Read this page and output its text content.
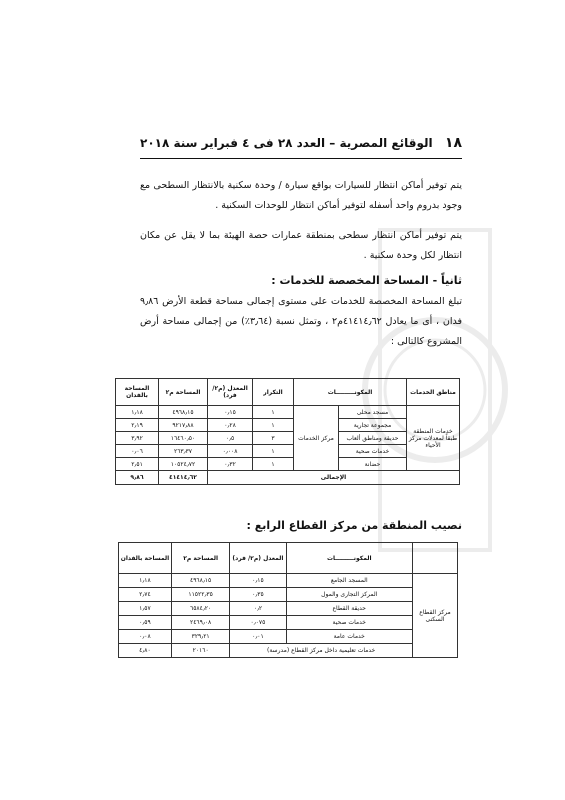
١٨
الوقائع المصرية – العدد ٢٨ فى ٤ فبراير سنة ٢٠١٨
يتم توفير أماكن انتظار للسيارات بواقع سيارة / وحدة سكنية بالانتظار السطحى مع وجود بدروم واحد أسفله لتوفير أماكن انتظار للوحدات السكنية .
يتم توفير أماكن انتظار سطحى بمنطقة عمارات حصة الهيئة بما لا يقل عن مكان انتظار لكل وحدة سكنية .
ثانياً - المساحة المخصصة للخدمات :
تبلغ المساحة المخصصة للخدمات على مستوى إجمالى مساحة قطعة الأرض ٩٫٨٦ فدان ، أى ما يعادل ٤١٤١٤٫٦٢م٢ ، وتمثل نسبة (٣٫٦٤٪) من إجمالى مساحة أرض المشروع كالتالى :
مناطق الخدمات	المكونـــــــــات		التكرار	المعدل (م٢/ فرد)	المساحة م٢	المساحة بالفدان
خدمات المنطقة طبقاً لمعدلات مركز الأحياء	مسجد محلى	مركز الخدمات	١	٠٫١٥	٤٩٦٨٫١٥	١٫١٨
	مجموعة تجارية		١	٠٫٢٨	٩٢١٧٫٨٨	٢٫١٩
	حديقة ومناطق ألعاب		٣	٠٫٥	١٦٤٦٠٫٥٠	٣٫٩٢
	خدمات صحية		١	٠٫٠٠٨	٢٦٣٫٣٧	٠٫٠٦
	حضانة		١	٠٫٣٢	١٠٥٢٤٫٧٢	٢٫٥١
الإجمالى					٤١٤١٤٫٦٢	٩٫٨٦
نصيب المنطقة من مركز القطاع الرابع :
	المكونـــــــــات	المعدل (م٢/ فرد)	المساحة م٢	المساحة بالفدان
مركز القطاع السكنى	المسجد الجامع	٠٫١٥	٤٩٦٨٫١٥	١٫١٨
	المركز التجارى والمول	٠٫٣٥	١١٥٢٢٫٣٥	٢٫٧٤
	حديقة القطاع	٠٫٢	٦٥٨٤٫٢٠	١٫٥٧
	خدمات صحية	٠٫٠٧٥	٢٤٦٩٫٠٨	٠٫٥٩
	خدمات عامة	٠٫٠١	٣٢٩٫٢١	٠٫٠٨
	خدمات تعليمية داخل مركز القطاع (مدرسة)		٢٠١٦٠	٤٫٨٠
